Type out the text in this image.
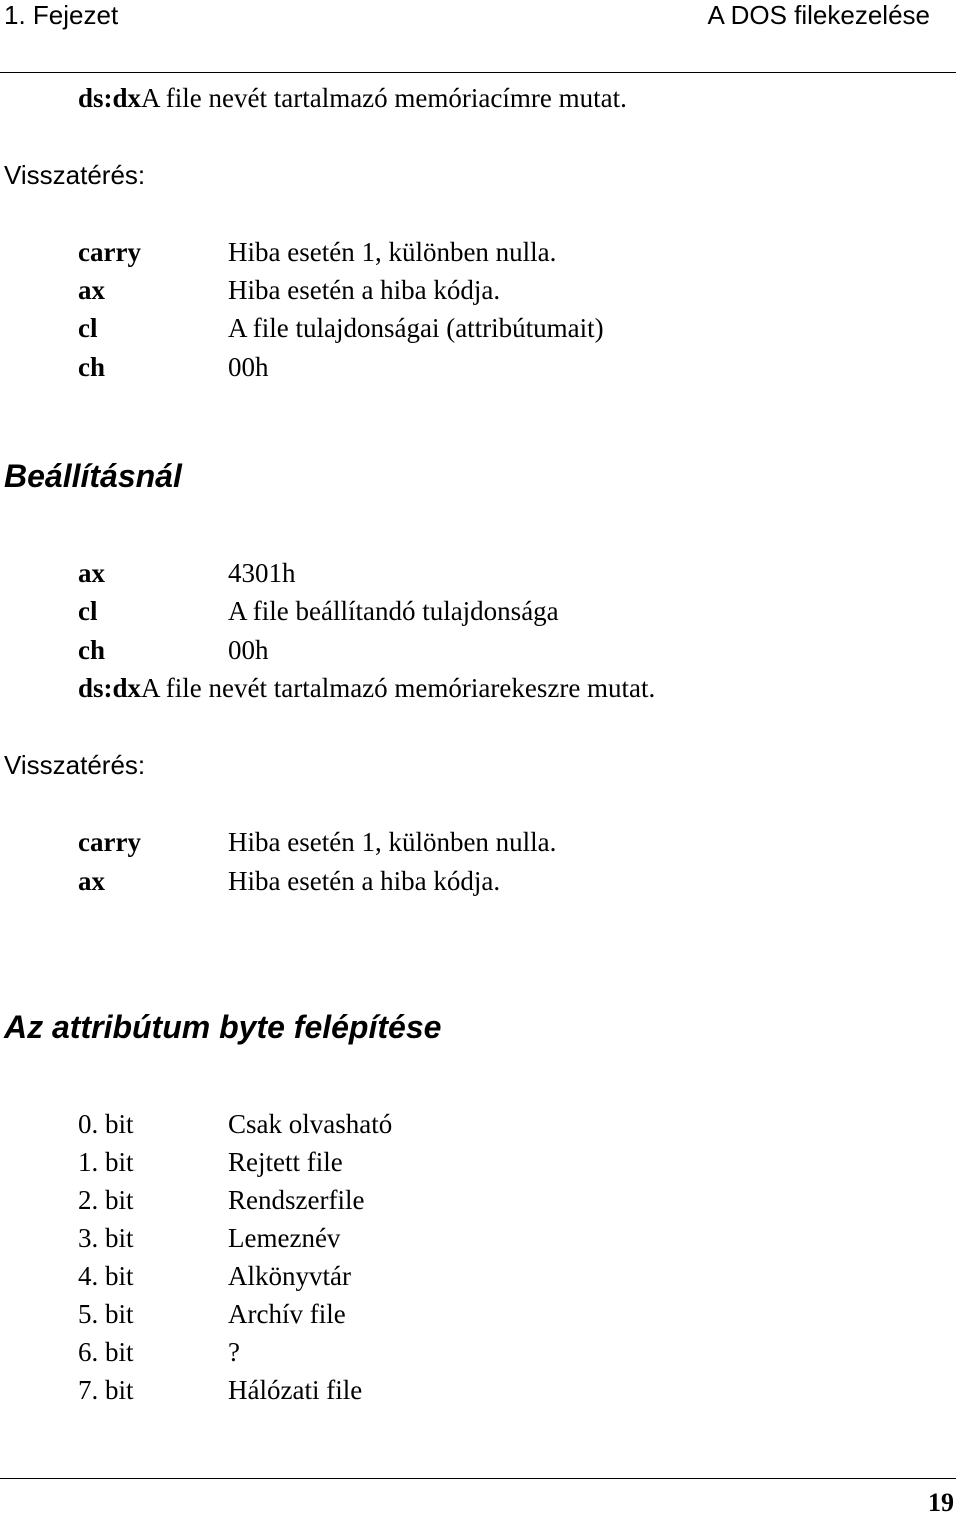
1. Fejezet	A DOS filekezelése
ds:dx A file nevét tartalmazó memóriacímre mutat.
Visszatérés:
carry	Hiba esetén 1, különben nulla.
ax	Hiba esetén a hiba kódja.
cl	A file tulajdonságai (attribútumait)
ch	00h
Beállításnál
ax	4301h
cl	A file beállítandó tulajdonsága
ch	00h
ds:dx A file nevét tartalmazó memóriarekeszre mutat.
Visszatérés:
carry	Hiba esetén 1, különben nulla.
ax	Hiba esetén a hiba kódja.
Az attribútum byte felépítése
0. bit	Csak olvasható
1. bit	Rejtett file
2. bit	Rendszerfile
3. bit	Lemeznév
4. bit	Alkönyvtár
5. bit	Archív file
6. bit	?
7. bit	Hálózati file
19
